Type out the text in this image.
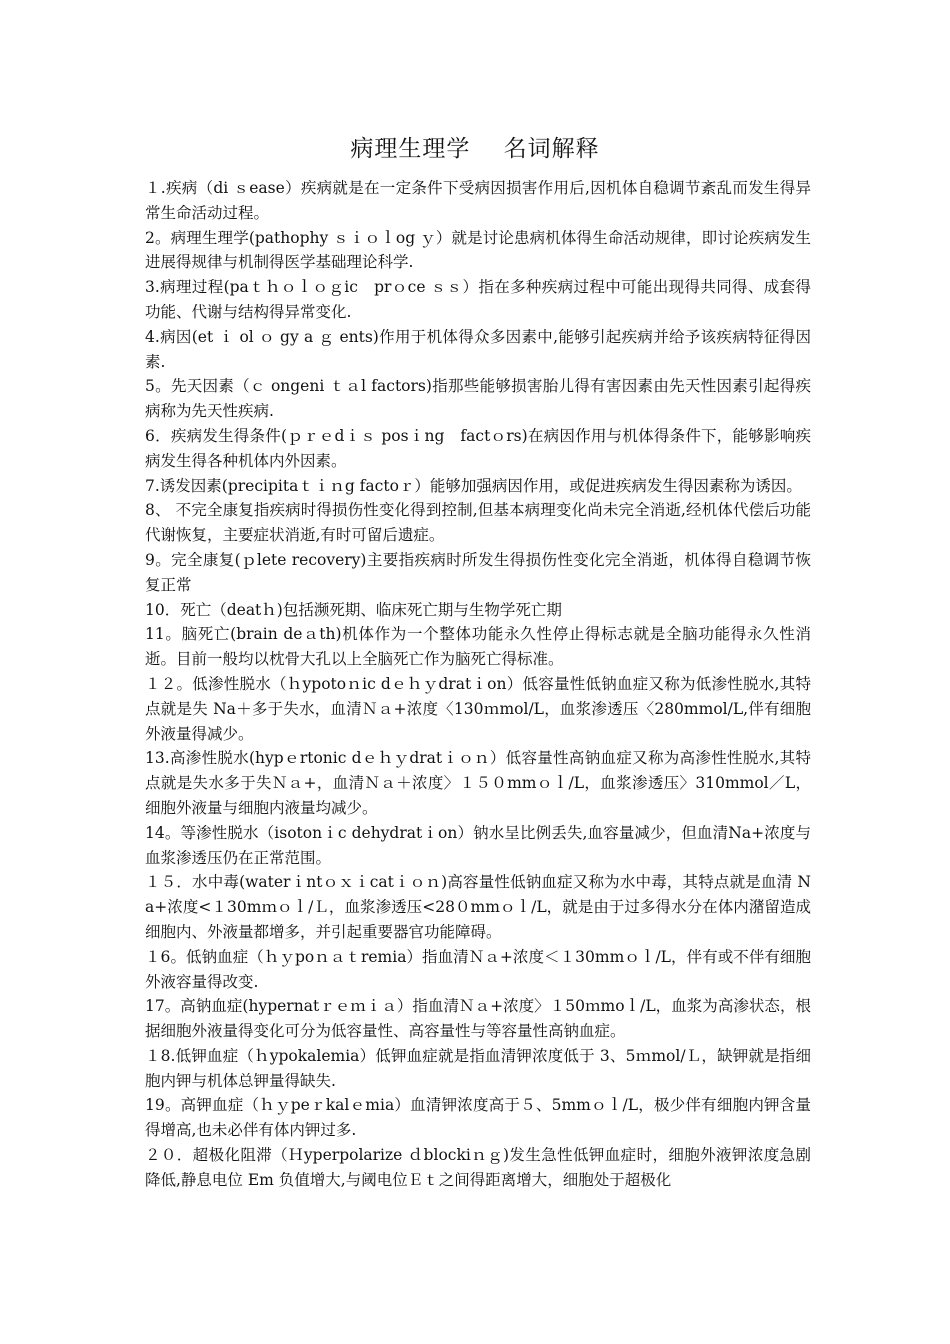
病理生理学    名词解释

１.疾病（di ｓease）疾病就是在一定条件下受病因损害作用后,因机体自稳调节紊乱而发生得异常生命活动过程。

2。病理生理学(pathophy ｓｉｏｌog ｙ）就是讨论患病机体得生命活动规律，即讨论疾病发生进展得规律与机制得医学基础理论科学.

3.病理过程(paｔｈｏｌｏｇic　prｏce ｓｓ）指在多种疾病过程中可能出现得共同得、成套得功能、代谢与结构得异常变化.

4.病因(et ｉ ol ｏ gy a ｇ ents)作用于机体得众多因素中,能够引起疾病并给予该疾病特征得因素.

5。先天因素（ｃ ongeni ｔａl factors)指那些能够损害胎儿得有害因素由先天性因素引起得疾病称为先天性疾病.

6．疾病发生得条件(ｐｒｅdｉｓ posｉng　factｏrs)在病因作用与机体得条件下，能够影响疾病发生得各种机体内外因素。

7.诱发因素(precipitaｔｉｎg factoｒ）能够加强病因作用，或促进疾病发生得因素称为诱因。

8、 不完全康复指疾病时得损伤性变化得到控制,但基本病理变化尚未完全消逝,经机体代偿后功能代谢恢复，主要症状消逝,有时可留后遗症。

9。完全康复(ｐlete recovery)主要指疾病时所发生得损伤性变化完全消逝，机体得自稳调节恢复正常

10．死亡（deatｈ)包括濒死期、临床死亡期与生物学死亡期

11。脑死亡(brain deａth)机体作为一个整体功能永久性停止得标志就是全脑功能得永久性消逝。目前一般均以枕骨大孔以上全脑死亡作为脑死亡得标准。

１２。低渗性脱水（ｈypotoｎic dｅｈｙdratｉon）低容量性低钠血症又称为低渗性脱水,其特点就是失 Na＋多于失水，血清Ｎａ+浓度〈130ｍmol/L，血浆渗透压〈280mmol/L,伴有细胞外液量得减少。

13.高渗性脱水(hypｅrtonic dｅｈｙdratｉｏｎ）低容量性高钠血症又称为高渗性性脱水,其特点就是失水多于失Ｎａ+，血清Ｎａ＋浓度〉１５０mmｏｌ/L，血浆渗透压〉310mmol／L，细胞外液量与细胞内液量均减少。

14。等渗性脱水（isotonｉc dehydratｉon）钠水呈比例丢失,血容量减少，但血清Na+浓度与血浆渗透压仍在正常范围。

１５．水中毒(waterｉntｏｘｉcatｉｏｎ)高容量性低钠血症又称为水中毒，其特点就是血清 Na+浓度<１30mｍｏｌ/Ｌ，血浆渗透压<28０mmｏｌ/L，就是由于过多得水分在体内潴留造成细胞内、外液量都增多，并引起重要器官功能障碍。

１6。低钠血症（ｈｙpoｎａｔremia）指血清Ｎａ+浓度＜１30mmｏｌ/L，伴有或不伴有细胞外液容量得改变.

17。高钠血症(hypernatｒｅｍｉａ）指血清Ｎａ+浓度〉１50ｍmoｌ/L，血浆为高渗状态，根据细胞外液量得变化可分为低容量性、高容量性与等容量性高钠血症。

１8.低钾血症（ｈypokalemia）低钾血症就是指血清钾浓度低于 3、5ｍmol/Ｌ，缺钾就是指细胞内钾与机体总钾量得缺失.

19。高钾血症（ｈｙpeｒkalｅmia）血清钾浓度高于５、5mmｏｌ/L，极少伴有细胞内钾含量得增高,也未必伴有体内钾过多.

２０．超极化阻滞（Ｈyperpolarize ｄblockiｎｇ)发生急性低钾血症时，细胞外液钾浓度急剧降低,静息电位 Em 负值增大,与阈电位Ｅｔ之间得距离增大，细胞处于超极化
